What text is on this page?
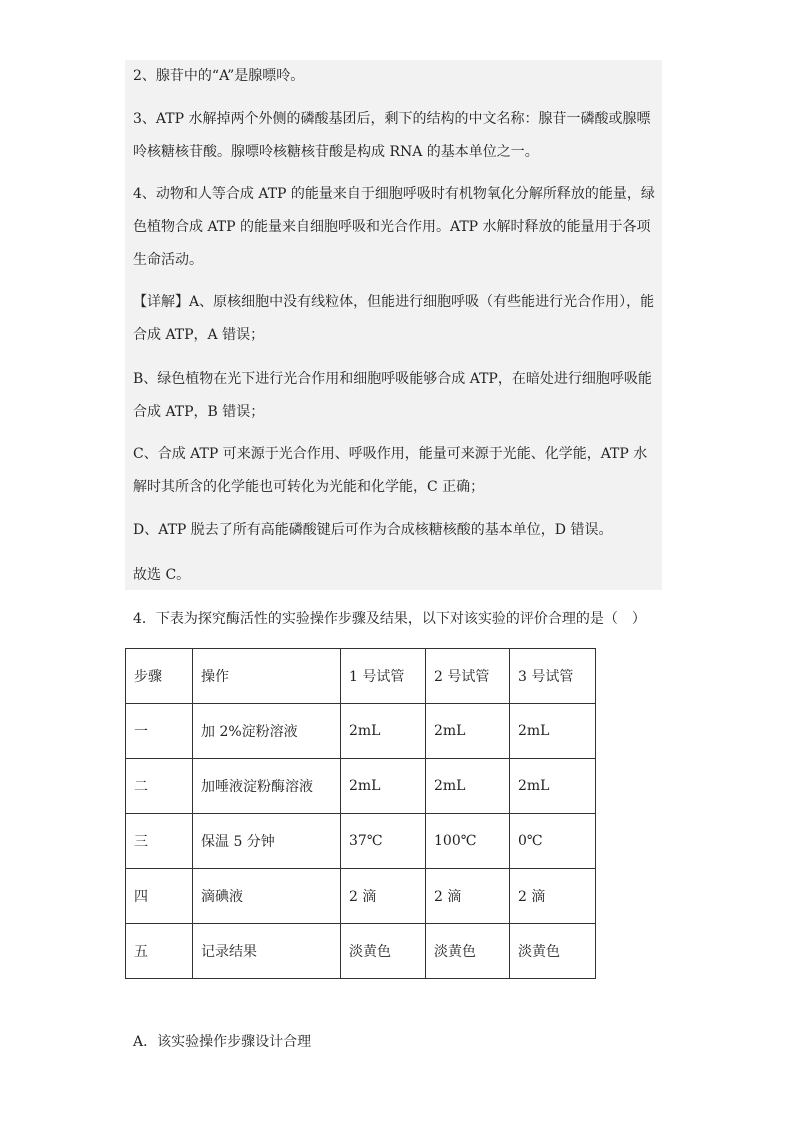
2、腺苷中的“A”是腺嘌呤。

3、ATP 水解掉两个外侧的磷酸基团后，剩下的结构的中文名称：腺苷一磷酸或腺嘌呤核糖核苷酸。腺嘌呤核糖核苷酸是构成 RNA 的基本单位之一。

4、动物和人等合成 ATP 的能量来自于细胞呼吸时有机物氧化分解所释放的能量，绿色植物合成 ATP 的能量来自细胞呼吸和光合作用。ATP 水解时释放的能量用于各项生命活动。

【详解】A、原核细胞中没有线粒体，但能进行细胞呼吸（有些能进行光合作用），能合成 ATP，A 错误；

B、绿色植物在光下进行光合作用和细胞呼吸能够合成 ATP，在暗处进行细胞呼吸能合成 ATP，B 错误；

C、合成 ATP 可来源于光合作用、呼吸作用，能量可来源于光能、化学能，ATP 水解时其所含的化学能也可转化为光能和化学能，C 正确；

D、ATP 脱去了所有高能磷酸键后可作为合成核糖核酸的基本单位，D 错误。

故选 C。

4．下表为探究酶活性的实验操作步骤及结果，以下对该实验的评价合理的是（　）

步骤	操作	1 号试管	2 号试管	3 号试管
一	加 2%淀粉溶液	2mL	2mL	2mL
二	加唾液淀粉酶溶液	2mL	2mL	2mL
三	保温 5 分钟	37℃	100℃	0℃
四	滴碘液	2 滴	2 滴	2 滴
五	记录结果	淡黄色	淡黄色	淡黄色

A．该实验操作步骤设计合理
